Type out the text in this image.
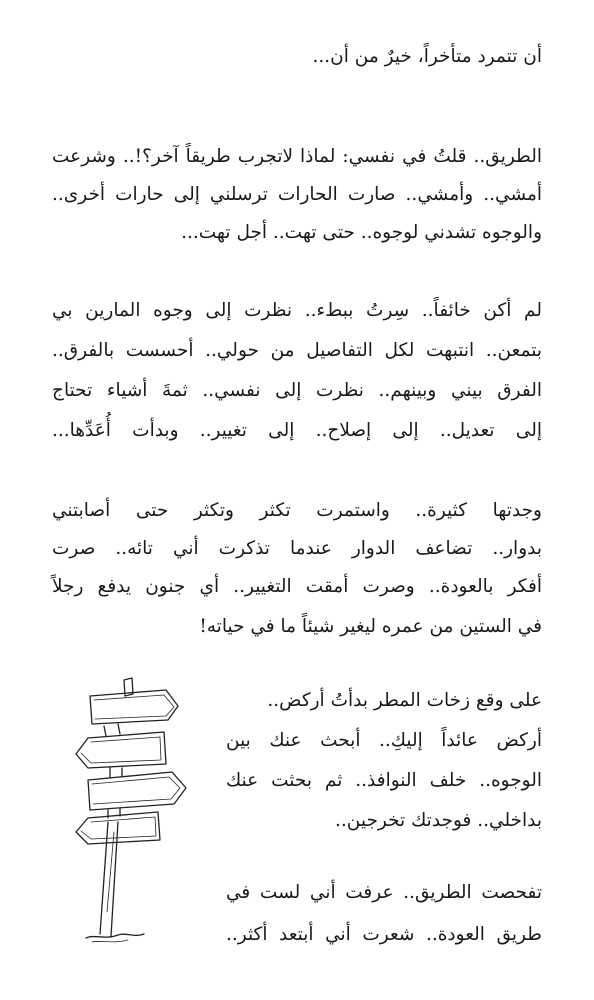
أن تتمرد متأخراً، خيرٌ من أن...
الطريق.. قلتُ في نفسي: لماذا لاتجرب طريقاً آخر؟!.. وشرعت
أمشي.. وأمشي.. صارت الحارات ترسلني إلى حارات أخرى..
والوجوه تشدني لوجوه.. حتى تهت.. أجل تهت...
لم أكن خائفاً.. سِرتُ ببطء.. نظرت إلى وجوه المارين بي
بتمعن.. انتبهت لكل التفاصيل من حولي.. أحسست بالفرق..
الفرق بيني وبينهم.. نظرت إلى نفسي.. ثمةَ أشياء تحتاج
إلى تعديل.. إلى إصلاح.. إلى تغيير.. وبدأت أُعَدِّها...
وجدتها كثيرة.. واستمرت تكثر وتكثر حتى أصابتني
بدوار.. تضاعف الدوار عندما تذكرت أني تائه.. صرت
أفكر بالعودة.. وصرت أمقت التغيير.. أي جنون يدفع رجلاً
في الستين من عمره ليغير شيئاً ما في حياته!
على وقع زخات المطر بدأتُ أركض..
أركض عائداً إليكِ.. أبحث عنك بين
الوجوه.. خلف النوافذ.. ثم بحثت عنك
بداخلي.. فوجدتك تخرجين..
تفحصت الطريق.. عرفت أني لست في
طريق العودة.. شعرت أني أبتعد أكثر..
